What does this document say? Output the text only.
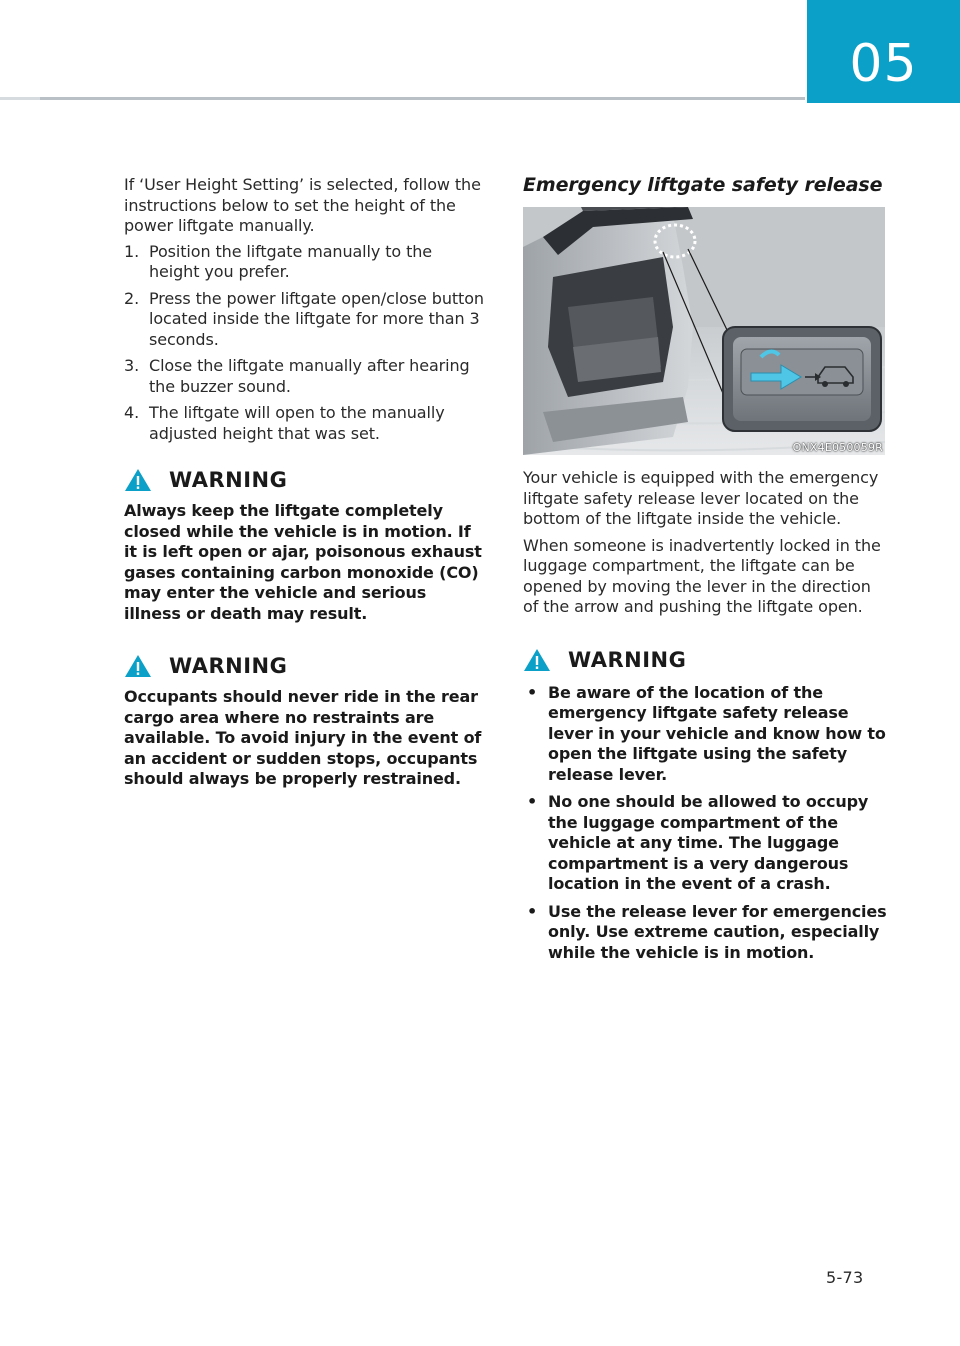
05

If ‘User Height Setting’ is selected, follow the instructions below to set the height of the power liftgate manually.

1. Position the liftgate manually to the height you prefer.
2. Press the power liftgate open/close button located inside the liftgate for more than 3 seconds.
3. Close the liftgate manually after hearing the buzzer sound.
4. The liftgate will open to the manually adjusted height that was set.
WARNING

Always keep the liftgate completely closed while the vehicle is in motion. If it is left open or ajar, poisonous exhaust gases containing carbon monoxide (CO) may enter the vehicle and serious illness or death may result.

WARNING

Occupants should never ride in the rear cargo area where no restraints are available. To avoid injury in the event of an accident or sudden stops, occupants should always be properly restrained.

Emergency liftgate safety release
ONX4E050059R

Your vehicle is equipped with the emergency liftgate safety release lever located on the bottom of the liftgate inside the vehicle.

When someone is inadvertently locked in the luggage compartment, the liftgate can be opened by moving the lever in the direction of the arrow and pushing the liftgate open.

WARNING
• Be aware of the location of the emergency liftgate safety release lever in your vehicle and know how to open the liftgate using the safety release lever.
• No one should be allowed to occupy the luggage compartment of the vehicle at any time. The luggage compartment is a very dangerous location in the event of a crash.
• Use the release lever for emergencies only. Use extreme caution, especially while the vehicle is in motion.
5-73
